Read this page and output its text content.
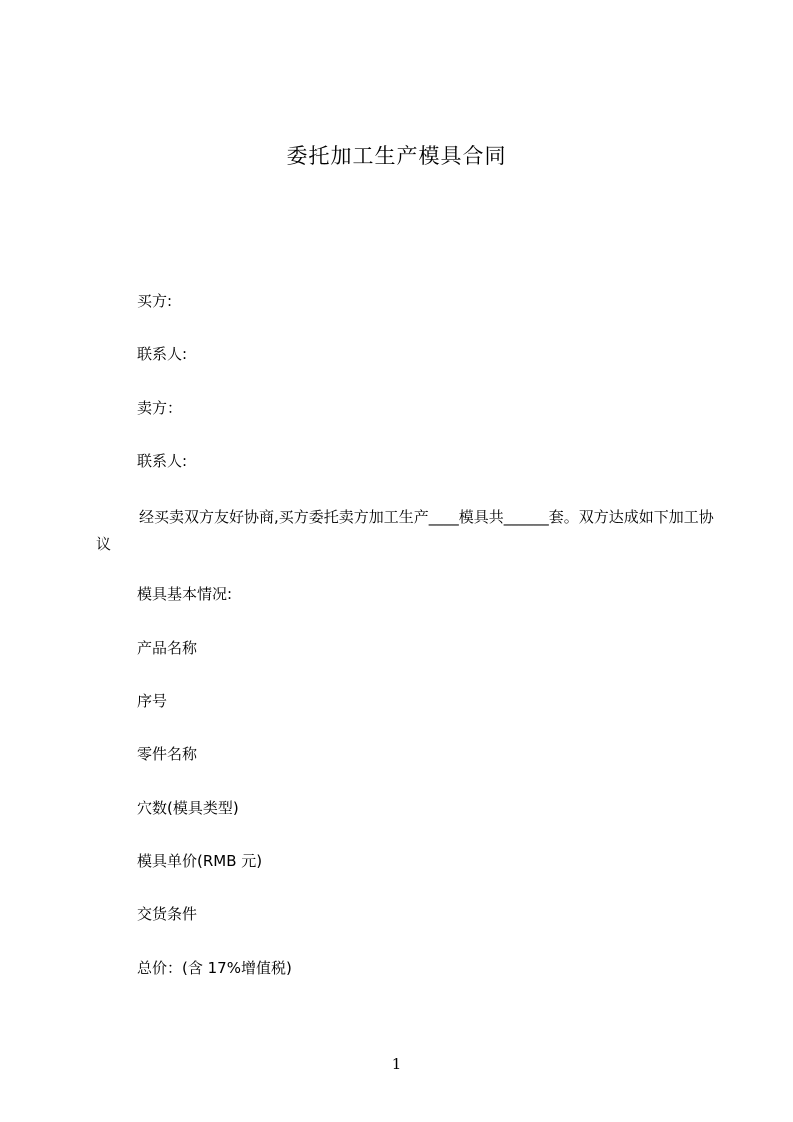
委托加工生产模具合同
买方:
联系人:
卖方：
联系人:
经买卖双方友好协商,买方委托卖方加工生产____模具共______套。双方达成如下加工协议
模具基本情况:
产品名称
序号
零件名称
穴数(模具类型)
模具单价(RMB 元)
交货条件
总价：(含 17%增值税)
1
